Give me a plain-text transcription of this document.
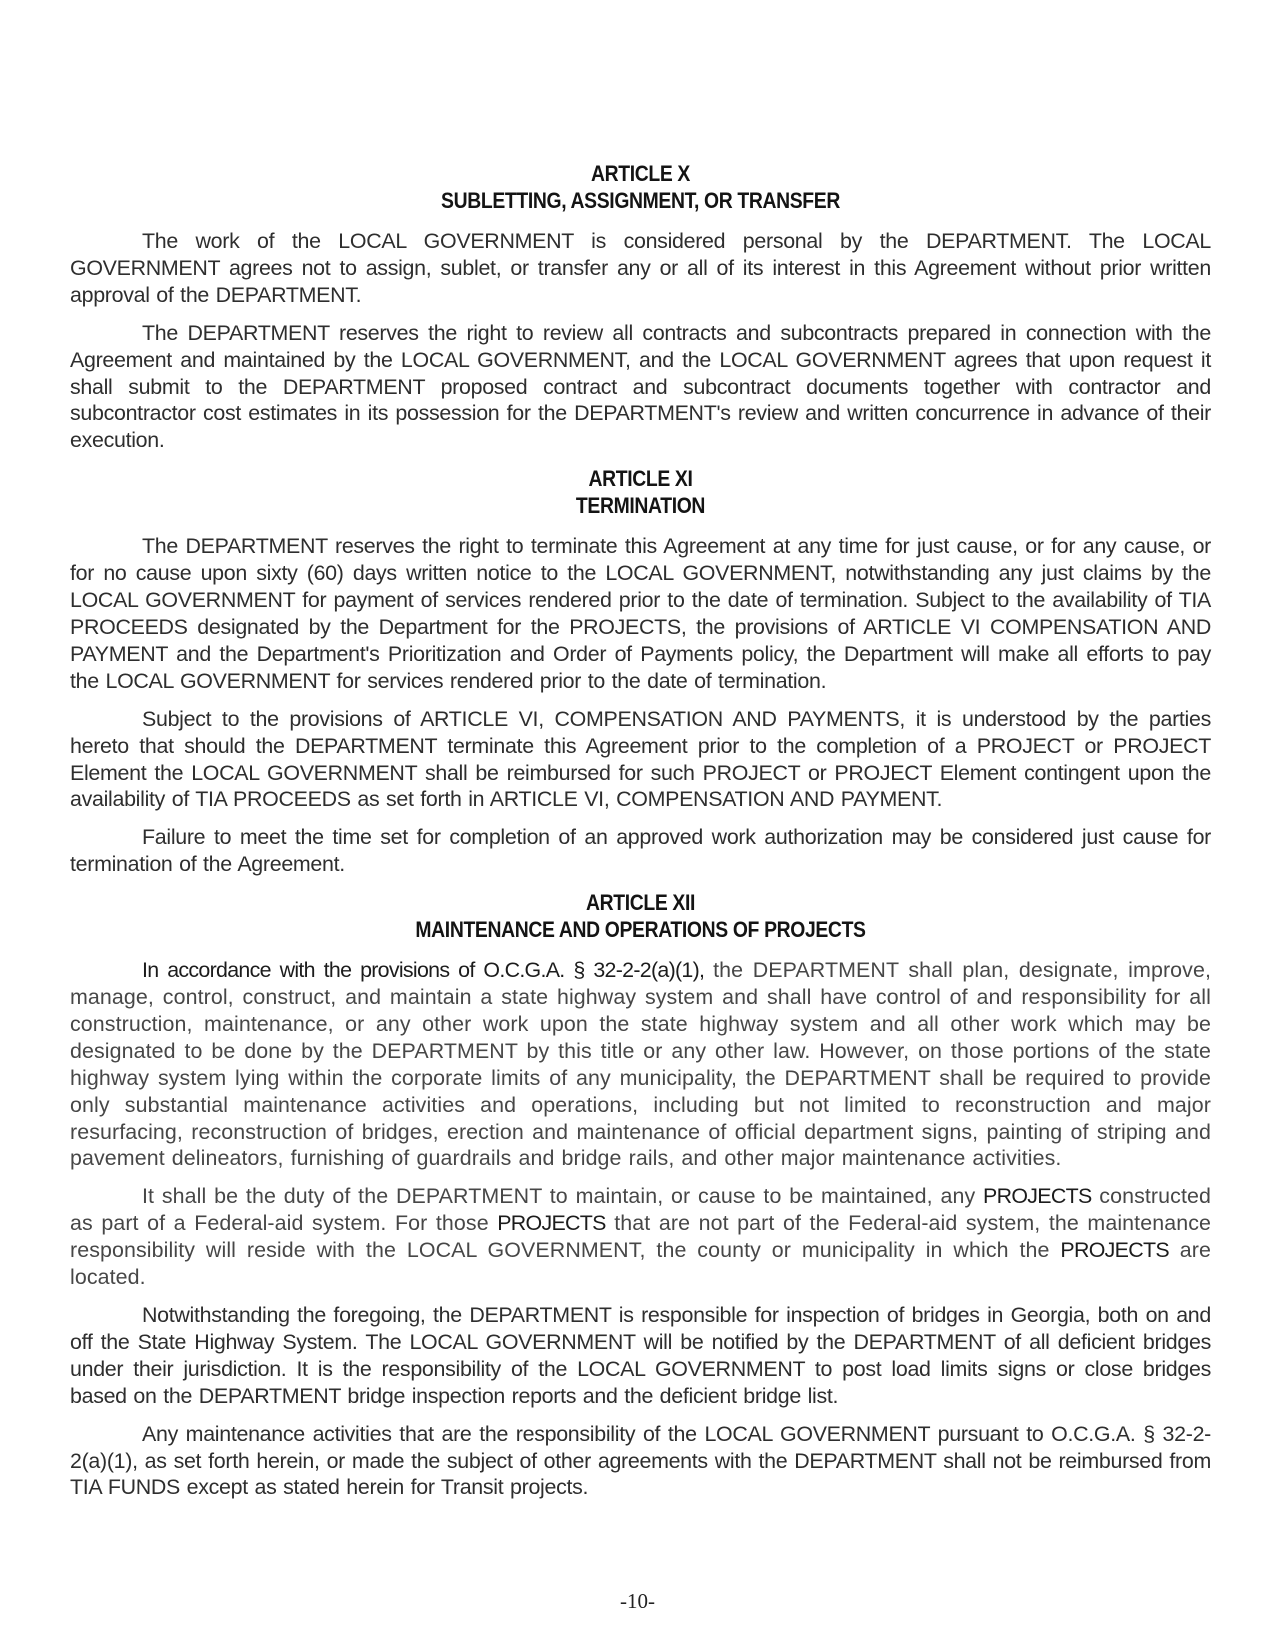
ARTICLE X
SUBLETTING, ASSIGNMENT, OR TRANSFER

The work of the LOCAL GOVERNMENT is considered personal by the DEPARTMENT. The LOCAL GOVERNMENT agrees not to assign, sublet, or transfer any or all of its interest in this Agreement without prior written approval of the DEPARTMENT.

The DEPARTMENT reserves the right to review all contracts and subcontracts prepared in connection with the Agreement and maintained by the LOCAL GOVERNMENT, and the LOCAL GOVERNMENT agrees that upon request it shall submit to the DEPARTMENT proposed contract and subcontract documents together with contractor and subcontractor cost estimates in its possession for the DEPARTMENT's review and written concurrence in advance of their execution.

ARTICLE XI
TERMINATION

The DEPARTMENT reserves the right to terminate this Agreement at any time for just cause, or for any cause, or for no cause upon sixty (60) days written notice to the LOCAL GOVERNMENT, notwithstanding any just claims by the LOCAL GOVERNMENT for payment of services rendered prior to the date of termination. Subject to the availability of TIA PROCEEDS designated by the Department for the PROJECTS, the provisions of ARTICLE VI COMPENSATION AND PAYMENT and the Department's Prioritization and Order of Payments policy, the Department will make all efforts to pay the LOCAL GOVERNMENT for services rendered prior to the date of termination.

Subject to the provisions of ARTICLE VI, COMPENSATION AND PAYMENTS, it is understood by the parties hereto that should the DEPARTMENT terminate this Agreement prior to the completion of a PROJECT or PROJECT Element the LOCAL GOVERNMENT shall be reimbursed for such PROJECT or PROJECT Element contingent upon the availability of TIA PROCEEDS as set forth in ARTICLE VI, COMPENSATION AND PAYMENT.

Failure to meet the time set for completion of an approved work authorization may be considered just cause for termination of the Agreement.

ARTICLE XII
MAINTENANCE AND OPERATIONS OF PROJECTS

In accordance with the provisions of O.C.G.A. § 32-2-2(a)(1), the DEPARTMENT shall plan, designate, improve, manage, control, construct, and maintain a state highway system and shall have control of and responsibility for all construction, maintenance, or any other work upon the state highway system and all other work which may be designated to be done by the DEPARTMENT by this title or any other law. However, on those portions of the state highway system lying within the corporate limits of any municipality, the DEPARTMENT shall be required to provide only substantial maintenance activities and operations, including but not limited to reconstruction and major resurfacing, reconstruction of bridges, erection and maintenance of official department signs, painting of striping and pavement delineators, furnishing of guardrails and bridge rails, and other major maintenance activities.

It shall be the duty of the DEPARTMENT to maintain, or cause to be maintained, any PROJECTS constructed as part of a Federal-aid system. For those PROJECTS that are not part of the Federal-aid system, the maintenance responsibility will reside with the LOCAL GOVERNMENT, the county or municipality in which the PROJECTS are located.

Notwithstanding the foregoing, the DEPARTMENT is responsible for inspection of bridges in Georgia, both on and off the State Highway System. The LOCAL GOVERNMENT will be notified by the DEPARTMENT of all deficient bridges under their jurisdiction. It is the responsibility of the LOCAL GOVERNMENT to post load limits signs or close bridges based on the DEPARTMENT bridge inspection reports and the deficient bridge list.

Any maintenance activities that are the responsibility of the LOCAL GOVERNMENT pursuant to O.C.G.A. § 32-2-2(a)(1), as set forth herein, or made the subject of other agreements with the DEPARTMENT shall not be reimbursed from TIA FUNDS except as stated herein for Transit projects.

-10-
